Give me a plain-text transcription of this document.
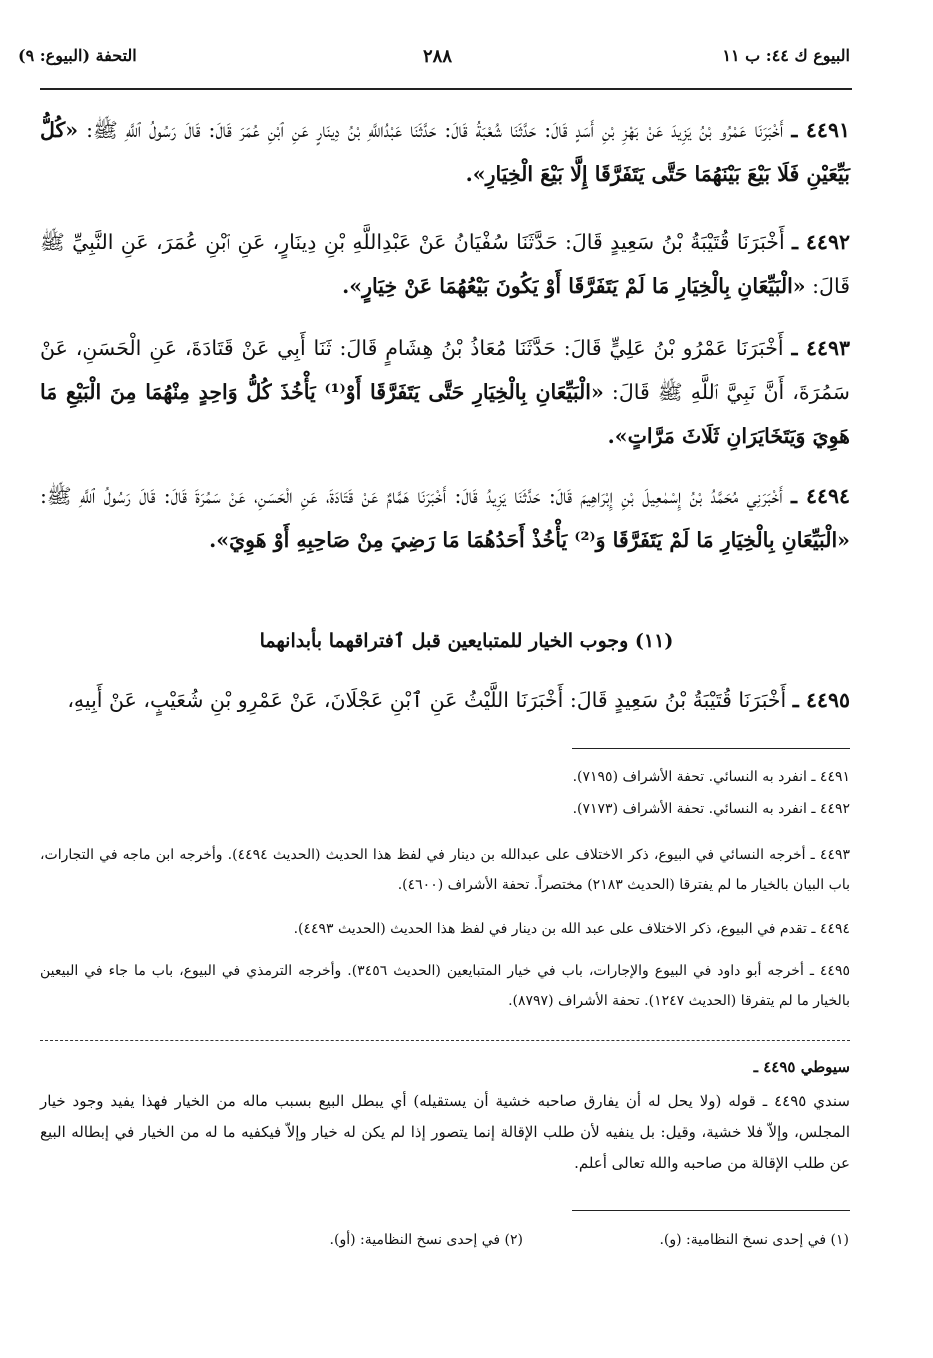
البيوع ك ٤٤: ب ١١
٢٨٨
التحفة (البيوع: ٩)
٤٤٩١ ـ أَخْبَرَنَا عَمْرُو بْنُ يَزِيدَ عَنْ بَهْزِ بْنِ أَسَدٍ قَالَ: حَدَّثَنَا شُعْبَةُ قَالَ: حَدَّثَنَا عَبْدُاللَّهِ بْنُ دِينَارٍ عَنِ ٱبْنِ عُمَرَ قَالَ: قَالَ رَسُولُ ٱللَّهِ ﷺ: «كُلُّ بَيِّعَيْنِ فَلَا بَيْعَ بَيْنَهُمَا حَتَّى يَتَفَرَّقَا إِلَّا بَيْعَ الْخِيَارِ».
٤٤٩٢ ـ أَخْبَرَنَا قُتَيْبَةُ بْنُ سَعِيدٍ قَالَ: حَدَّثَنَا سُفْيَانُ عَنْ عَبْدِاللَّهِ بْنِ دِينَارٍ، عَنِ ٱبْنِ عُمَرَ، عَنِ النَّبِيِّ ﷺ قَالَ: «الْبَيِّعَانِ بِالْخِيَارِ مَا لَمْ يَتَفَرَّقَا أَوْ يَكُونَ بَيْعُهُمَا عَنْ خِيَارٍ».
٤٤٩٣ ـ أَخْبَرَنَا عَمْرُو بْنُ عَلِيٍّ قَالَ: حَدَّثَنَا مُعَاذُ بْنُ هِشَامٍ قَالَ: ثَنَا أَبِي عَنْ قَتَادَةَ، عَنِ الْحَسَنِ، عَنْ سَمُرَةَ، أَنَّ نَبِيَّ ٱللَّهِ ﷺ قَالَ: «الْبَيِّعَانِ بِالْخِيَارِ حَتَّى يَتَفَرَّقَا أَوْ⁽¹⁾ يَأْخُذَ كُلُّ وَاحِدٍ مِنْهُمَا مِنَ الْبَيْعِ مَا هَوِيَ وَيَتَخَايَرَانِ ثَلَاثَ مَرَّاتٍ».
٤٤٩٤ ـ أَخْبَرَنِي مُحَمَّدُ بْنُ إِسْمٰعِيلَ بْنِ إِبْرَاهِيمَ قَالَ: حَدَّثَنَا يَزِيدُ قَالَ: أَخْبَرَنَا هَمَّامٌ عَنْ قَتَادَةَ، عَنِ الْحَسَنِ، عَنْ سَمُرَةَ قَالَ: قَالَ رَسُولُ ٱللَّهِ ﷺ: «الْبَيِّعَانِ بِالْخِيَارِ مَا لَمْ يَتَفَرَّقَا وَ⁽²⁾ يَأْخُذْ أَحَدُهُمَا مَا رَضِيَ مِنْ صَاحِبِهِ أَوْ هَوِيَ».
(١١) وجوب الخيار للمتبايعين قبل ٱفتراقهما بأبدانهما
٤٤٩٥ ـ أَخْبَرَنَا قُتَيْبَةُ بْنُ سَعِيدٍ قَالَ: أَخْبَرَنَا اللَّيْثُ عَنِ ٱبْنِ عَجْلَانَ، عَنْ عَمْرِو بْنِ شُعَيْبٍ، عَنْ أَبِيهِ،
٤٤٩١ ـ انفرد به النسائي. تحفة الأشراف (٧١٩٥).
٤٤٩٢ ـ انفرد به النسائي. تحفة الأشراف (٧١٧٣).
٤٤٩٣ ـ أخرجه النسائي في البيوع، ذكر الاختلاف على عبدالله بن دينار في لفظ هذا الحديث (الحديث ٤٤٩٤). وأخرجه ابن ماجه في التجارات، باب البيان بالخيار ما لم يفترقا (الحديث ٢١٨٣) مختصراً. تحفة الأشراف (٤٦٠٠).
٤٤٩٤ ـ تقدم في البيوع، ذكر الاختلاف على عبد الله بن دينار في لفظ هذا الحديث (الحديث ٤٤٩٣).
٤٤٩٥ ـ أخرجه أبو داود في البيوع والإجارات، باب في خيار المتبايعين (الحديث ٣٤٥٦). وأخرجه الترمذي في البيوع، باب ما جاء في البيعين بالخيار ما لم يتفرقا (الحديث ١٢٤٧). تحفة الأشراف (٨٧٩٧).
سيوطي ٤٤٩٥ ـ
سندي ٤٤٩٥ ـ قوله (ولا يحل له أن يفارق صاحبه خشية أن يستقيله) أي يبطل البيع بسبب ماله من الخيار فهذا يفيد وجود خيار المجلس، وإلاّ فلا خشية، وقيل: بل ينفيه لأن طلب الإقالة إنما يتصور إذا لم يكن له خيار وإلاّ فيكفيه ما له من الخيار في إبطاله البيع عن طلب الإقالة من صاحبه والله تعالى أعلم.
(١) في إحدى نسخ النظامية: (و).
(٢) في إحدى نسخ النظامية: (أو).
